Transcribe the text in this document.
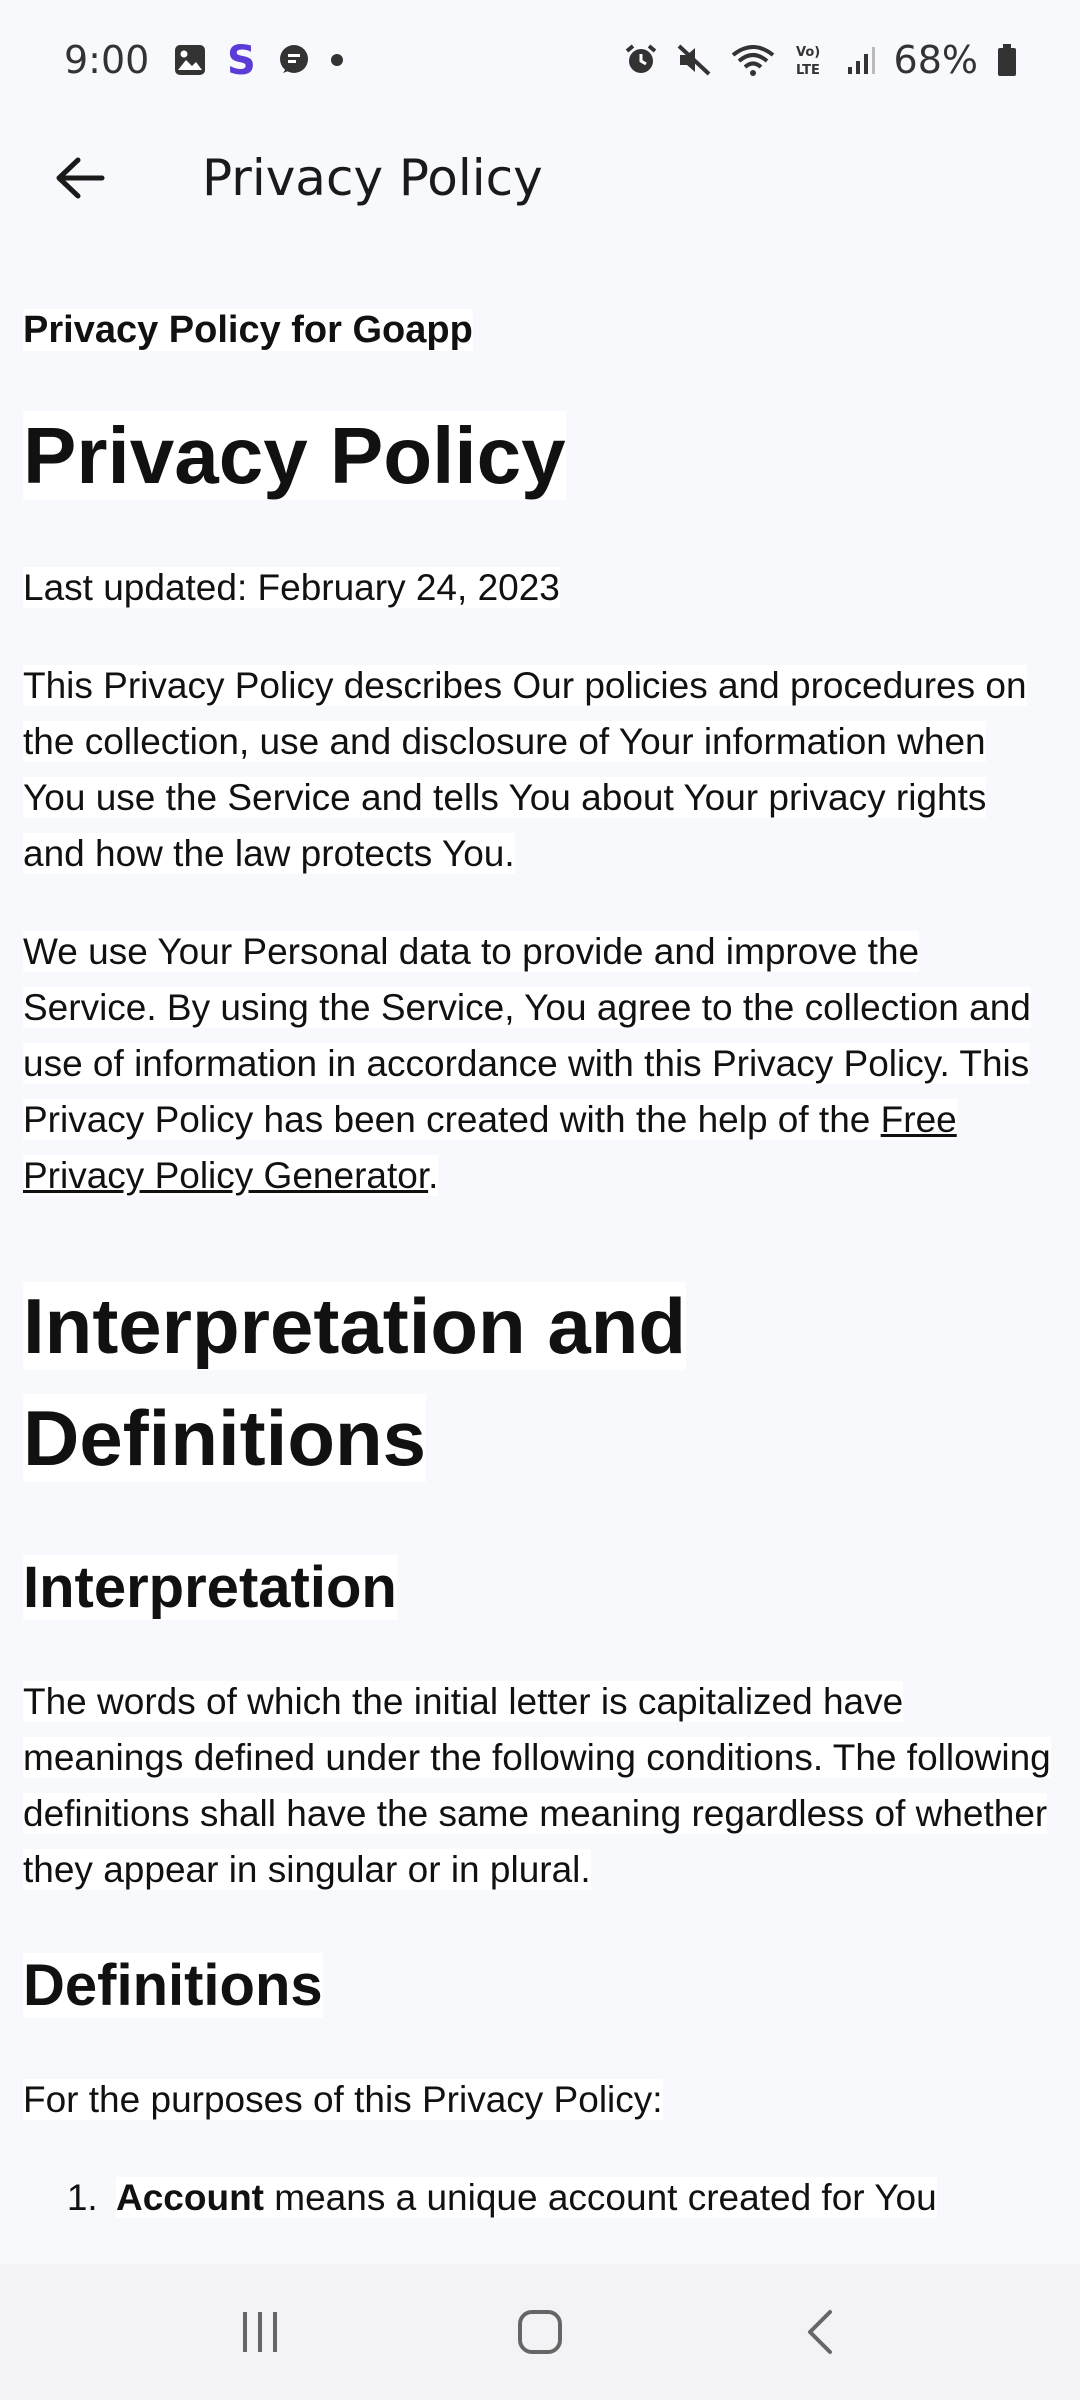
9:00 S	Vo)
LTE 68%
Privacy Policy

Privacy Policy for Goapp

Privacy Policy

Last updated: February 24, 2023

This Privacy Policy describes Our policies and procedures on the collection, use and disclosure of Your information when You use the Service and tells You about Your privacy rights and how the law protects You.

We use Your Personal data to provide and improve the Service. By using the Service, You agree to the collection and use of information in accordance with this Privacy Policy. This Privacy Policy has been created with the help of the Free Privacy Policy Generator.

Interpretation and Definitions
Interpretation

The words of which the initial letter is capitalized have meanings defined under the following conditions. The following definitions shall have the same meaning regardless of whether they appear in singular or in plural.

Definitions

For the purposes of this Privacy Policy:

1. Account means a unique account created for You
